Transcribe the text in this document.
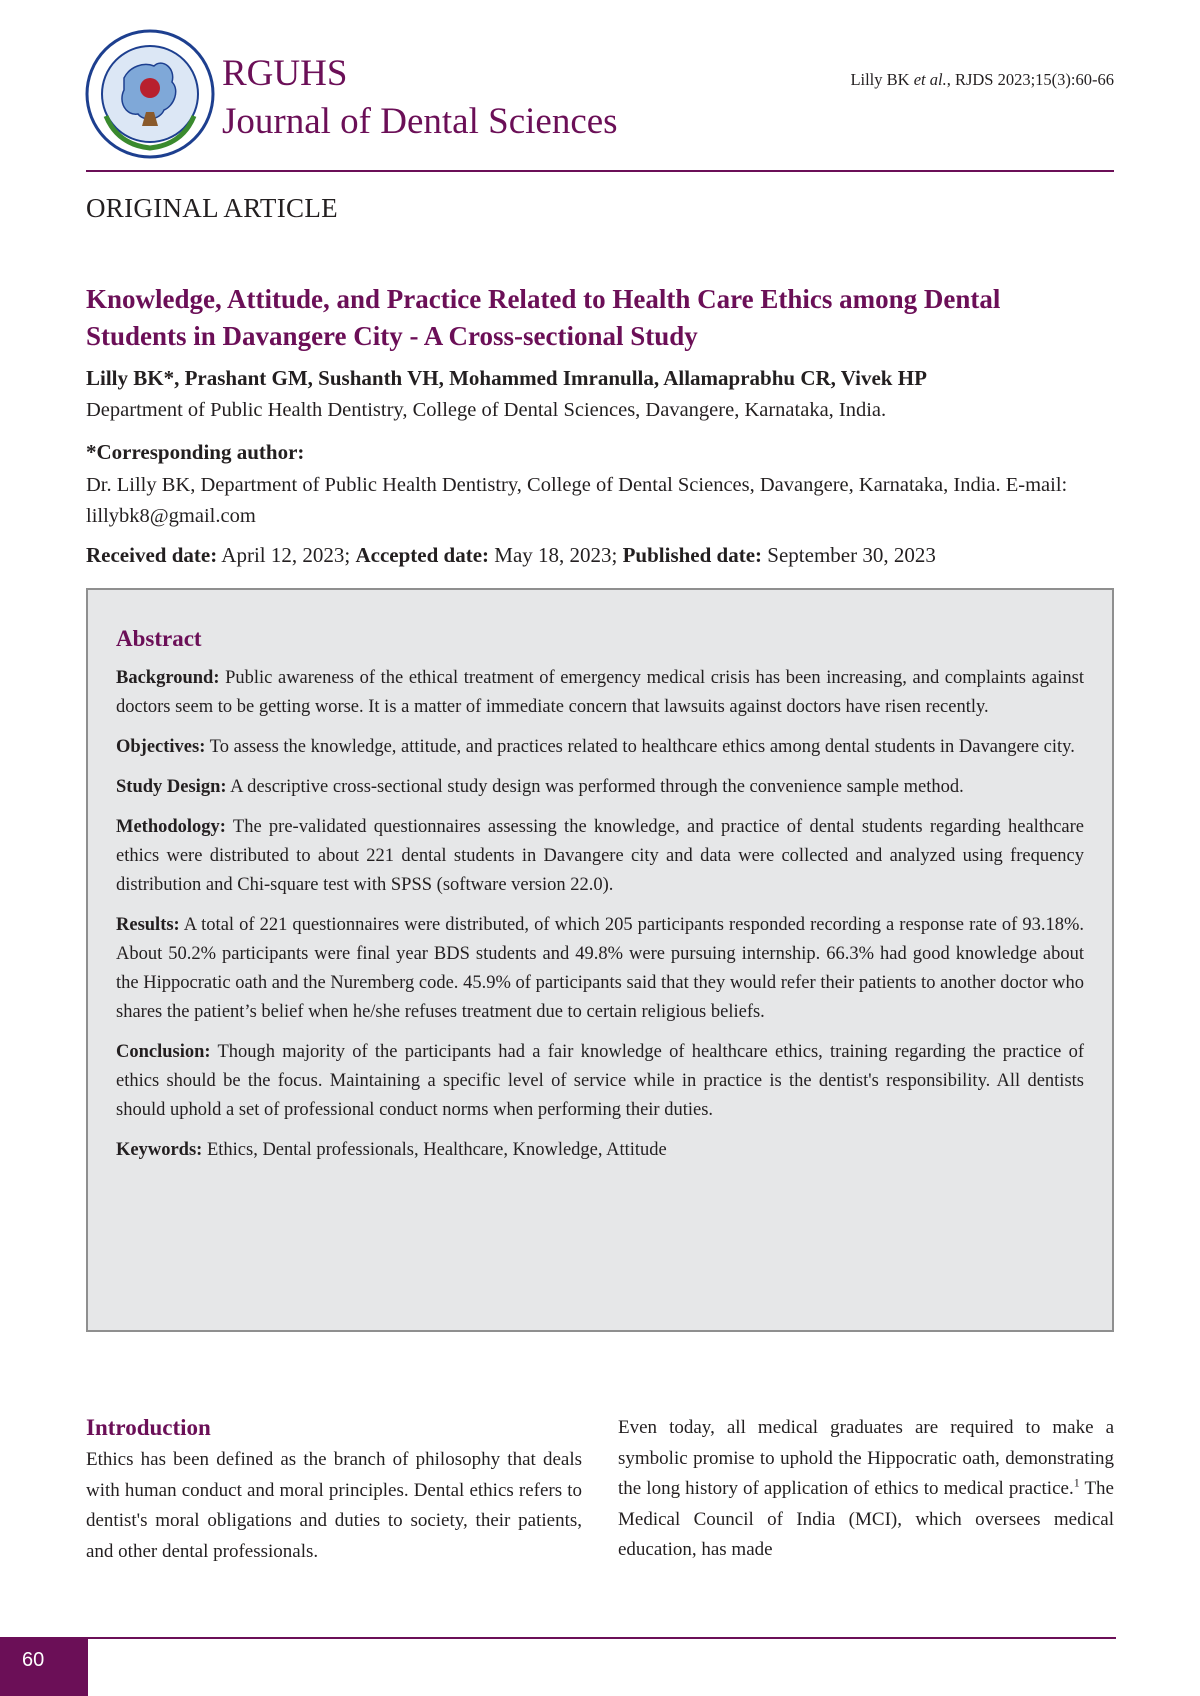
RGUHS
Journal of Dental Sciences
Lilly BK et al., RJDS 2023;15(3):60-66
ORIGINAL ARTICLE
Knowledge, Attitude, and Practice Related to Health Care Ethics among Dental
Students in Davangere City - A Cross-sectional Study
Lilly BK*, Prashant GM, Sushanth VH, Mohammed Imranulla, Allamaprabhu CR, Vivek HP
Department of Public Health Dentistry, College of Dental Sciences, Davangere, Karnataka, India.
*Corresponding author:
Dr. Lilly BK, Department of Public Health Dentistry, College of Dental Sciences, Davangere, Karnataka, India. E-mail: lillybk8@gmail.com
Received date: April 12, 2023; Accepted date: May 18, 2023; Published date: September 30, 2023
Abstract

Background: Public awareness of the ethical treatment of emergency medical crisis has been increasing, and complaints against doctors seem to be getting worse. It is a matter of immediate concern that lawsuits against doctors have risen recently.

Objectives: To assess the knowledge, attitude, and practices related to healthcare ethics among dental students in Davangere city.

Study Design: A descriptive cross-sectional study design was performed through the convenience sample method.

Methodology: The pre-validated questionnaires assessing the knowledge, and practice of dental students regarding healthcare ethics were distributed to about 221 dental students in Davangere city and data were collected and analyzed using frequency distribution and Chi-square test with SPSS (software version 22.0).

Results: A total of 221 questionnaires were distributed, of which 205 participants responded recording a response rate of 93.18%. About 50.2% participants were final year BDS students and 49.8% were pursuing internship. 66.3% had good knowledge about the Hippocratic oath and the Nuremberg code. 45.9% of participants said that they would refer their patients to another doctor who shares the patient’s belief when he/she refuses treatment due to certain religious beliefs.

Conclusion: Though majority of the participants had a fair knowledge of healthcare ethics, training regarding the practice of ethics should be the focus. Maintaining a specific level of service while in practice is the dentist's responsibility. All dentists should uphold a set of professional conduct norms when performing their duties.

Keywords: Ethics, Dental professionals, Healthcare, Knowledge, Attitude

Introduction

Ethics has been defined as the branch of philosophy that deals with human conduct and moral principles. Dental ethics refers to dentist's moral obligations and duties to society, their patients, and other dental professionals.

Even today, all medical graduates are required to make a symbolic promise to uphold the Hippocratic oath, demonstrating the long history of application of ethics to medical practice.$^1$ The Medical Council of India (MCI), which oversees medical education, has made

60
